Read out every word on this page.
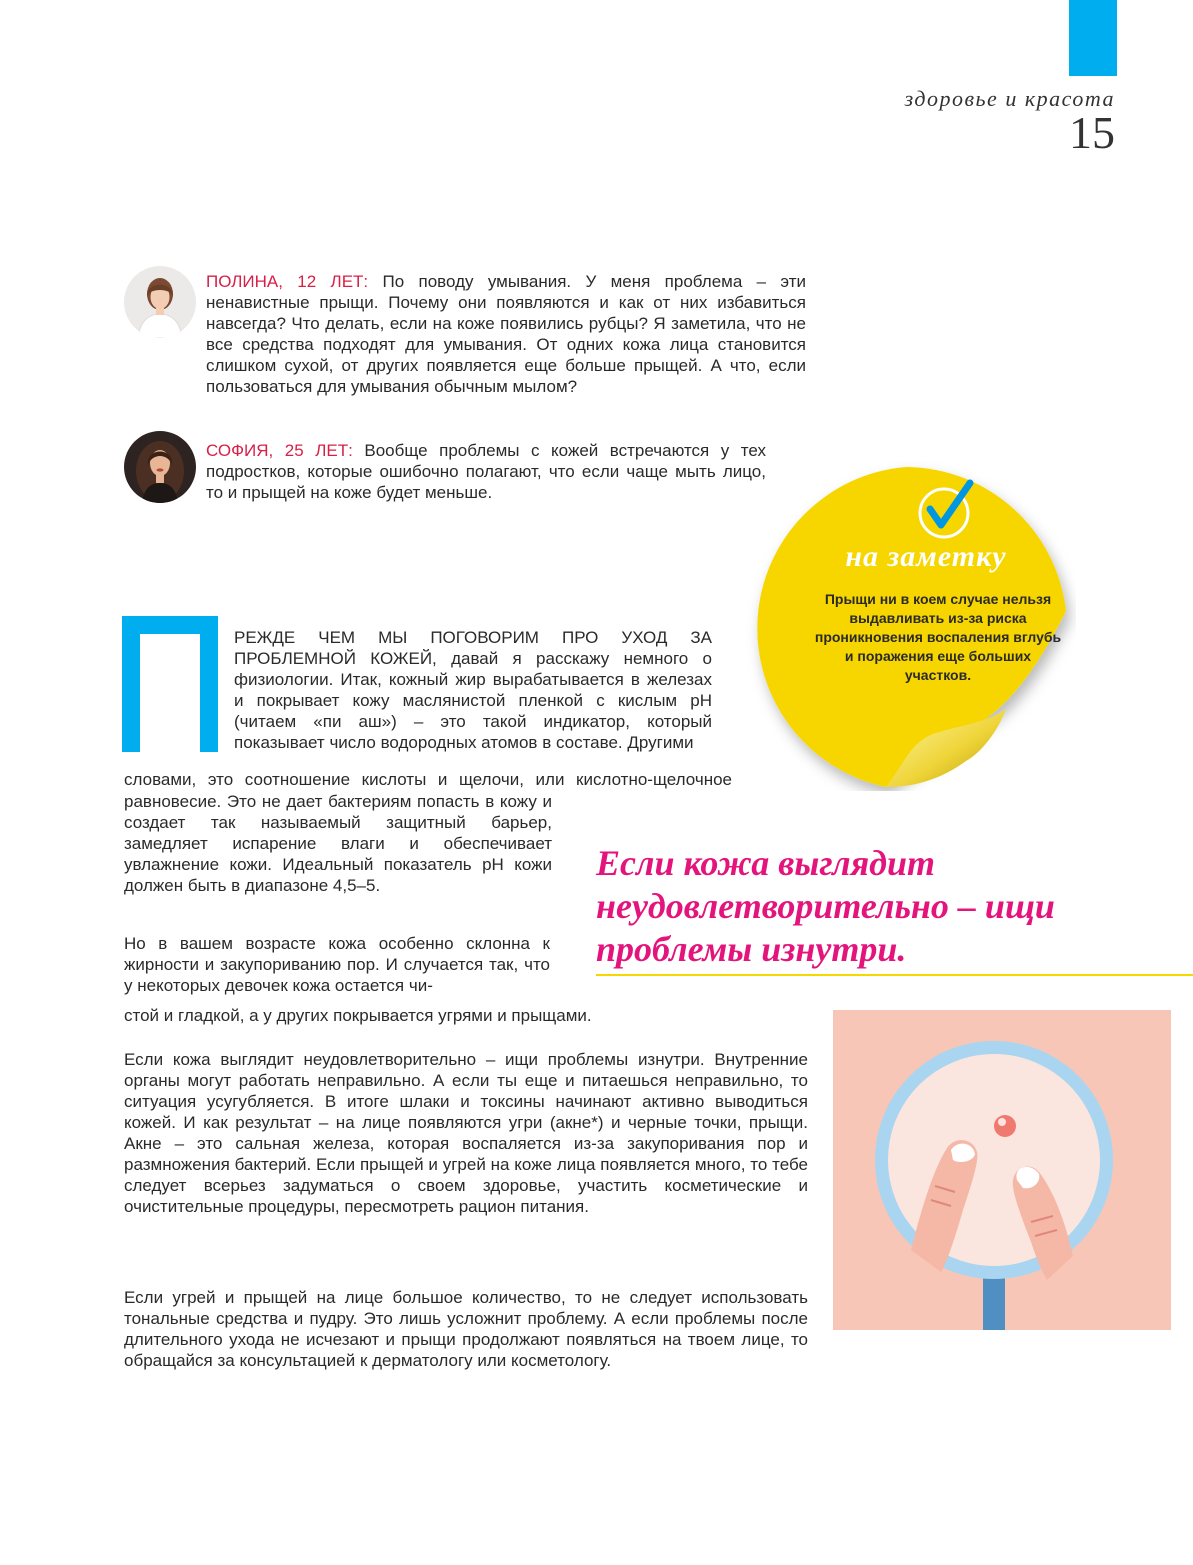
здоровье и красота
15
ПОЛИНА, 12 ЛЕТ: По поводу умывания. У меня проблема – эти ненавистные прыщи. Почему они появляются и как от них избавиться навсегда? Что делать, если на коже появились рубцы? Я заметила, что не все средства подходят для умывания. От одних кожа лица становится слишком сухой, от других появляется еще больше прыщей. А что, если пользоваться для умывания обычным мылом?
СОФИЯ, 25 ЛЕТ: Вообще проблемы с кожей встречаются у тех подростков, которые ошибочно полагают, что если чаще мыть лицо, то и прыщей на коже будет меньше.
на заметку
Прыщи ни в коем случае нельзя выдавливать из-за риска проникновения воспаления вглубь и поражения еще больших участков.
РЕЖДЕ ЧЕМ МЫ ПОГОВОРИМ ПРО УХОД ЗА ПРОБЛЕМНОЙ КОЖЕЙ, давай я расскажу немного о физиологии. Итак, кожный жир вырабатывается в железах и покрывает кожу маслянистой пленкой с кислым рН (читаем «пи аш») – это такой индикатор, который показывает число водородных атомов в составе. Другими
словами, это соотношение кислоты и щелочи, или кислотно-щелочное
равновесие. Это не дает бактериям попасть в кожу и создает так называемый защитный барьер, замедляет испарение влаги и обеспечивает увлажнение кожи. Идеальный показатель рН кожи должен быть в диапазоне 4,5–5.
Но в вашем возрасте кожа особенно склонна к жирности и закупориванию пор. И случается так, что у некоторых девочек кожа остается чи-
стой и гладкой, а у других покрывается угрями и прыщами.
Если кожа выглядит неудовлетворительно – ищи проблемы изнутри. Внутренние органы могут работать неправильно. А если ты еще и питаешься неправильно, то ситуация усугубляется. В итоге шлаки и токсины начинают активно выводиться кожей. И как результат – на лице появляются угри (акне*) и черные точки, прыщи. Акне – это сальная железа, которая воспаляется из-за закупоривания пор и размножения бактерий. Если прыщей и угрей на коже лица появляется много, то тебе следует всерьез задуматься о своем здоровье, участить косметические и очистительные процедуры, пересмотреть рацион питания.
Если угрей и прыщей на лице большое количество, то не следует использовать тональные средства и пудру. Это лишь усложнит проблему. А если проблемы после длительного ухода не исчезают и прыщи продолжают появляться на твоем лице, то обращайся за консультацией к дерматологу или косметологу.
Если кожа выглядит неудовлетворительно – ищи проблемы изнутри.
